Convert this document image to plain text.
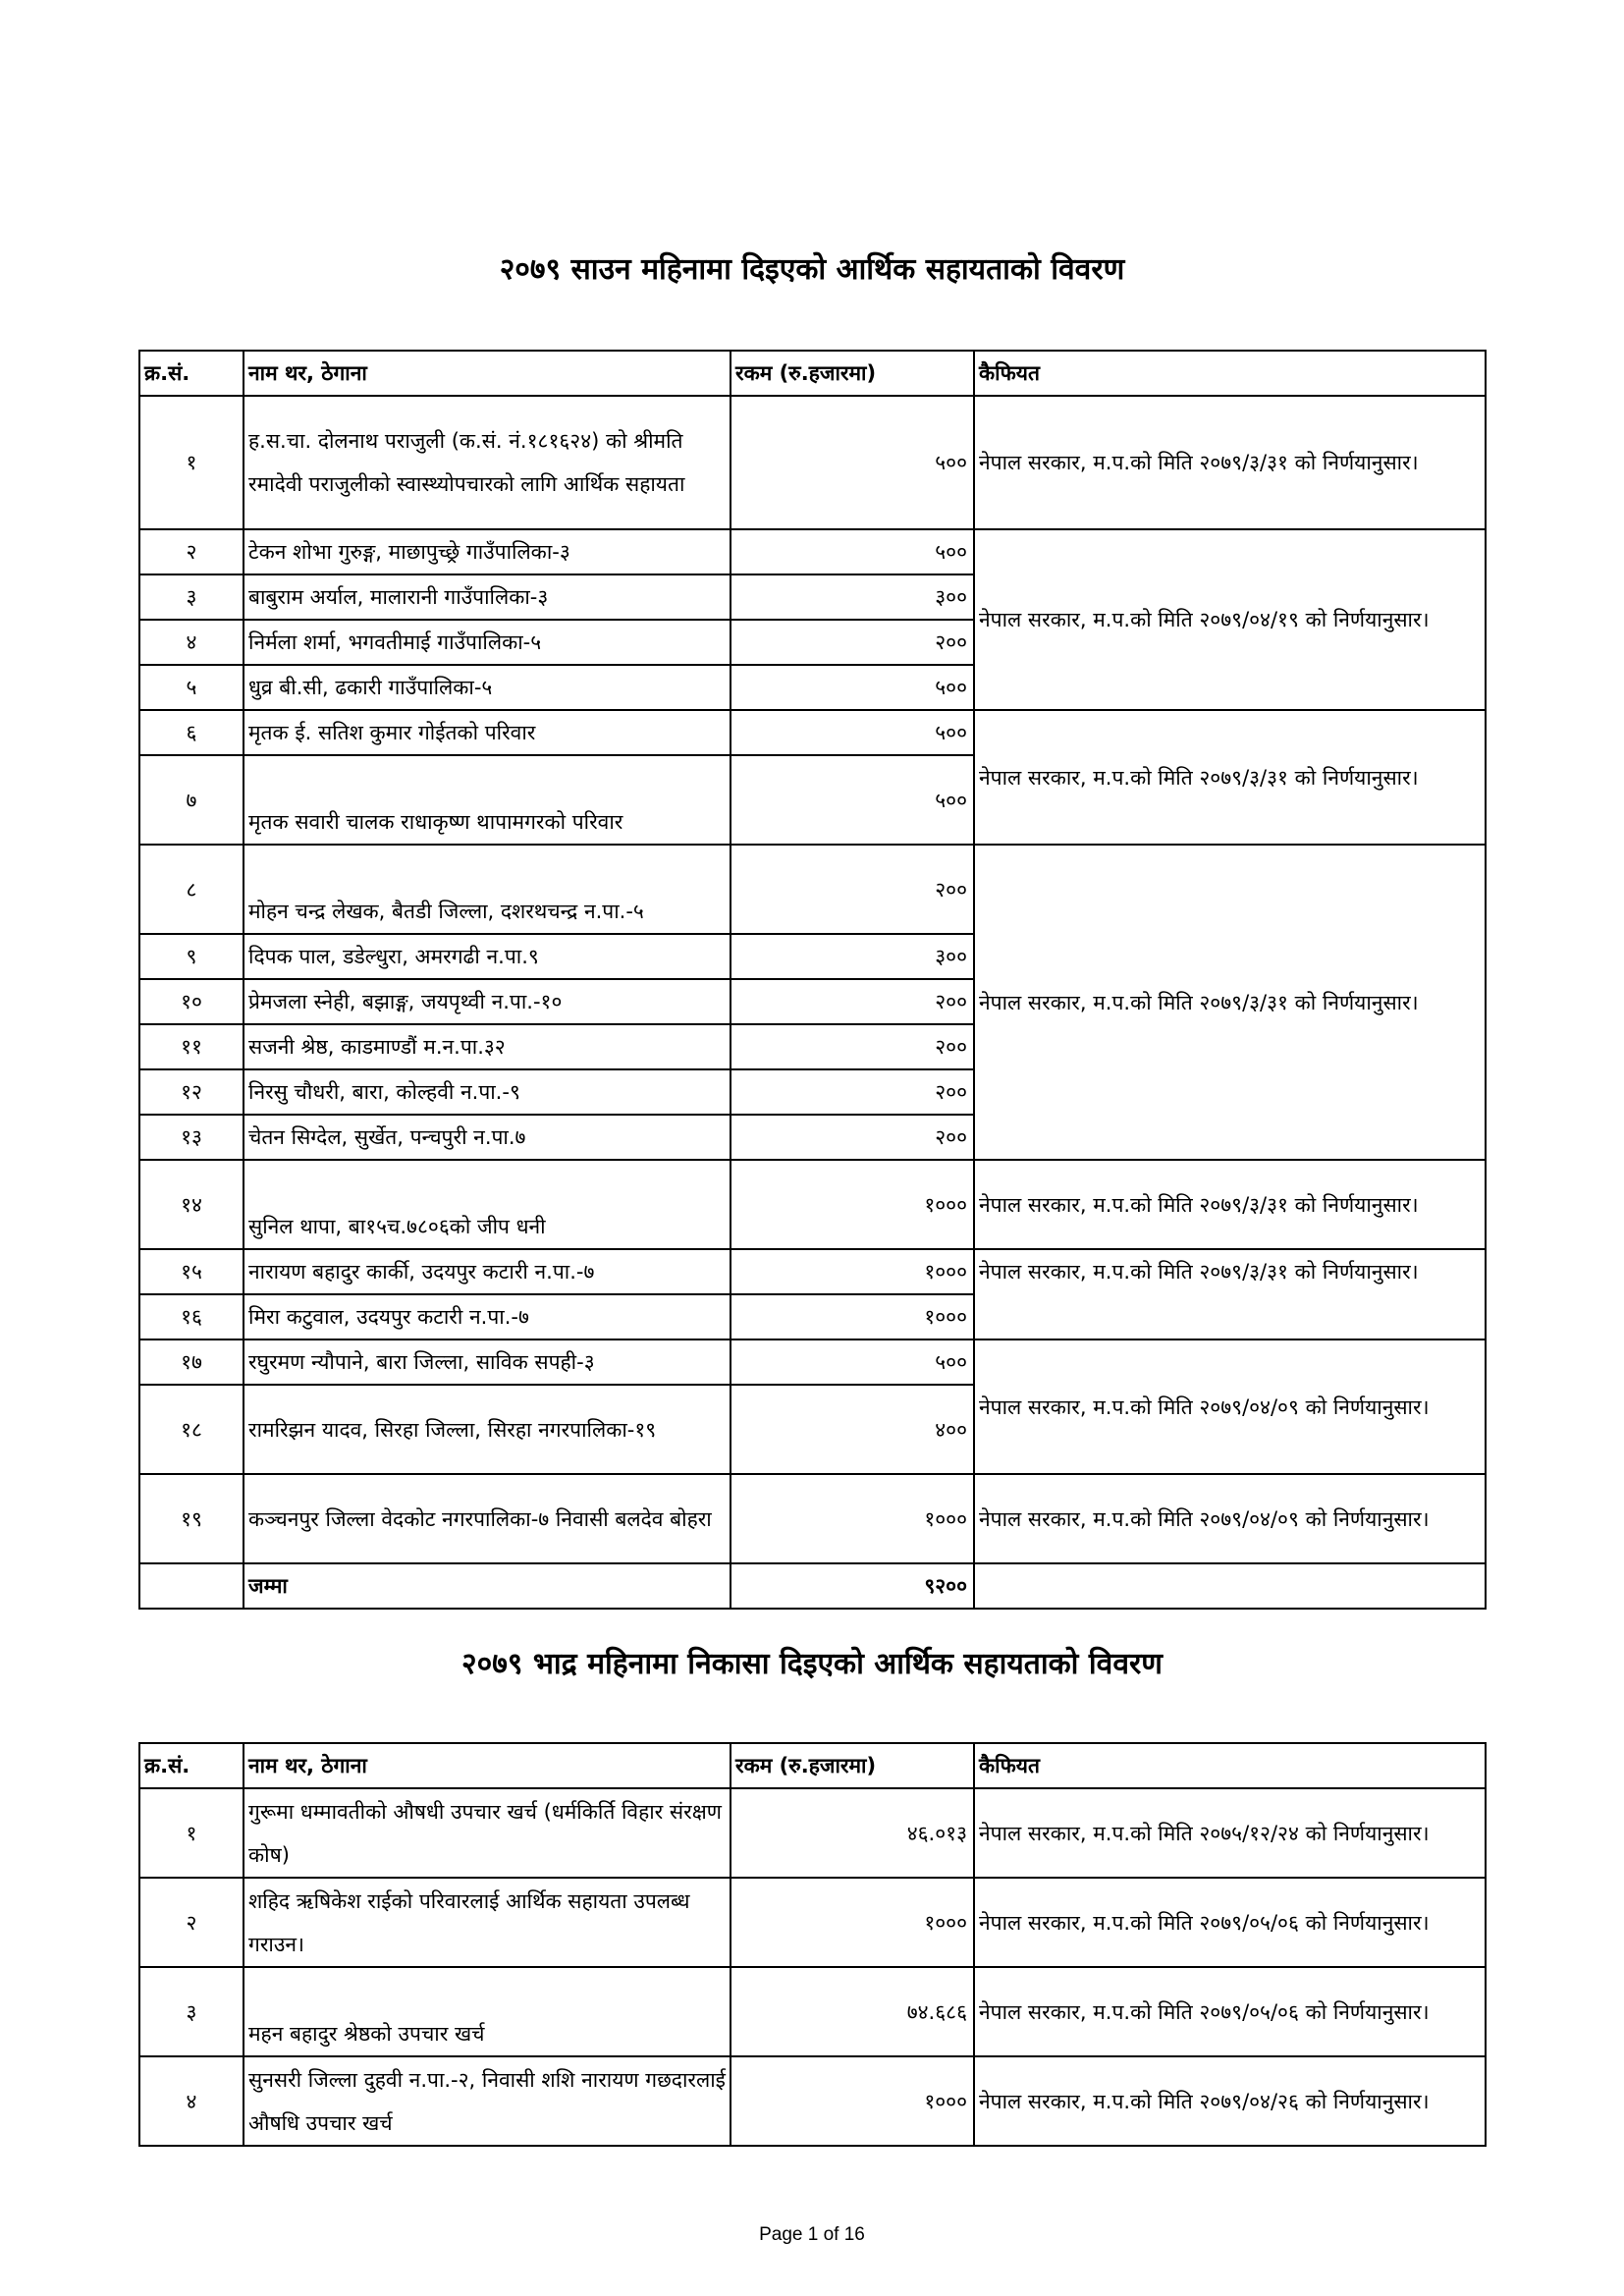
२०७९ साउन महिनामा दिइएको आर्थिक सहायताको विवरण
क्र.सं.	नाम थर, ठेगाना	रकम (रु.हजारमा)	कैफियत
१	ह.स.चा. दोलनाथ पराजुली (क.सं. नं.१८१६२४) को श्रीमति रमादेवी पराजुलीको स्वास्थ्योपचारको लागि आर्थिक सहायता	५००	नेपाल सरकार, म.प.को मिति २०७९/३/३१ को निर्णयानुसार।
२	टेकन शोभा गुरुङ्ग, माछापुच्छ्रे गाउँपालिका-३	५००	नेपाल सरकार, म.प.को मिति २०७९/०४/१९ को निर्णयानुसार।
३	बाबुराम अर्याल, मालारानी गाउँपालिका-३	३००	
४	निर्मला शर्मा, भगवतीमाई गाउँपालिका-५	२००	
५	धुव्र बी.सी, ढकारी गाउँपालिका-५	५००	
६	मृतक ई. सतिश कुमार गोईतको परिवार	५००	नेपाल सरकार, म.प.को मिति २०७९/३/३१ को निर्णयानुसार।
७	मृतक सवारी चालक राधाकृष्ण थापामगरको परिवार	५००	
८	मोहन चन्द्र लेखक, बैतडी जिल्ला, दशरथचन्द्र न.पा.-५	२००	नेपाल सरकार, म.प.को मिति २०७९/३/३१ को निर्णयानुसार।
९	दिपक पाल, डडेल्धुरा, अमरगढी न.पा.९	३००	
१०	प्रेमजला स्नेही, बझाङ्ग, जयपृथ्वी न.पा.-१०	२००	
११	सजनी श्रेष्ठ, काडमाण्डौं म.न.पा.३२	२००	
१२	निरसु चौधरी, बारा, कोल्हवी न.पा.-९	२००	
१३	चेतन सिग्देल, सुर्खेत, पन्चपुरी न.पा.७	२००	
१४	सुनिल थापा, बा१५च.७८०६को जीप धनी	१०००	नेपाल सरकार, म.प.को मिति २०७९/३/३१ को निर्णयानुसार।
१५	नारायण बहादुर कार्की, उदयपुर कटारी न.पा.-७	१०००	नेपाल सरकार, म.प.को मिति २०७९/३/३१ को निर्णयानुसार।
१६	मिरा कटुवाल, उदयपुर कटारी न.पा.-७	१०००	
१७	रघुरमण न्यौपाने, बारा जिल्ला, साविक सपही-३	५००	नेपाल सरकार, म.प.को मिति २०७९/०४/०९ को निर्णयानुसार।
१८	रामरिझन यादव, सिरहा जिल्ला, सिरहा नगरपालिका-१९	४००	
१९	कञ्चनपुर जिल्ला वेदकोट नगरपालिका-७ निवासी बलदेव बोहरा	१०००	नेपाल सरकार, म.प.को मिति २०७९/०४/०९ को निर्णयानुसार।
	जम्मा	९२००	
२०७९ भाद्र महिनामा निकासा दिइएको आर्थिक सहायताको विवरण
क्र.सं.	नाम थर, ठेगाना	रकम (रु.हजारमा)	कैफियत
१	गुरूमा धम्मावतीको औषधी उपचार खर्च (धर्मकिर्ति विहार संरक्षण कोष)	४६.०१३	नेपाल सरकार, म.प.को मिति २०७५/१२/२४ को निर्णयानुसार।
२	शहिद ऋषिकेश राईको परिवारलाई आर्थिक सहायता उपलब्ध गराउन।	१०००	नेपाल सरकार, म.प.को मिति २०७९/०५/०६ को निर्णयानुसार।
३	महन बहादुर श्रेष्ठको उपचार खर्च	७४.६८६	नेपाल सरकार, म.प.को मिति २०७९/०५/०६ को निर्णयानुसार।
४	सुनसरी जिल्ला दुहवी न.पा.-२, निवासी शशि नारायण गछदारलाई औषधि उपचार खर्च	१०००	नेपाल सरकार, म.प.को मिति २०७९/०४/२६ को निर्णयानुसार।
Page 1 of 16
